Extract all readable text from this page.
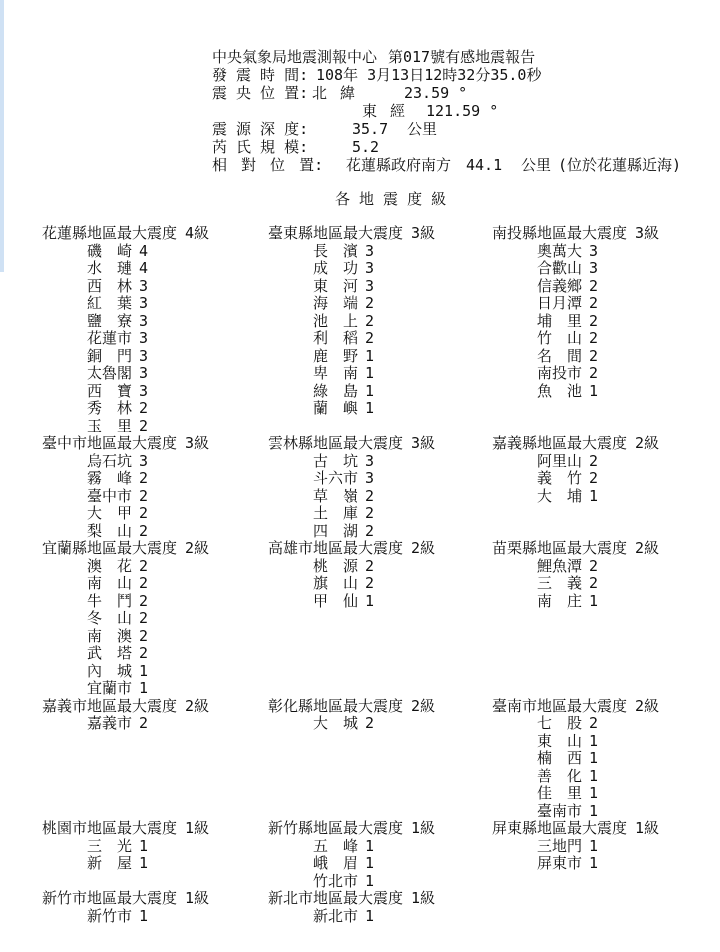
中央氣象局地震測報中心 第017號有感地震報告
發 震 時 間: 108年 3月13日12時32分35.0秒
震 央 位 置: 北 緯	23.59 °
東 經 121.59 °
震 源 深 度:	35.7 公里
芮 氏 規 模:	5.2
相 對 位 置: 花蓮縣政府南方 44.1 公里 (位於花蓮縣近海)
各 地 震 度 級
花蓮縣地區最大震度 4級
磯 崎 4
水 璉 4
西 林 3
紅 葉 3
鹽 寮 3
花蓮市 3
銅 門 3
太魯閣 3
西 寶 3
秀 林 2
玉 里 2
臺東縣地區最大震度 3級
長 濱 3
成 功 3
東 河 3
海 端 2
池 上 2
利 稻 2
鹿 野 1
卑 南 1
綠 島 1
蘭 嶼 1
南投縣地區最大震度 3級
奧萬大 3
合歡山 3
信義鄉 2
日月潭 2
埔 里 2
竹 山 2
名 間 2
南投市 2
魚 池 1
臺中市地區最大震度 3級
烏石坑 3
霧 峰 2
臺中市 2
大 甲 2
梨 山 2
雲林縣地區最大震度 3級
古 坑 3
斗六市 3
草 嶺 2
土 庫 2
四 湖 2
嘉義縣地區最大震度 2級
阿里山 2
義 竹 2
大 埔 1
宜蘭縣地區最大震度 2級
澳 花 2
南 山 2
牛 鬥 2
冬 山 2
南 澳 2
武 塔 2
內 城 1
宜蘭市 1
高雄市地區最大震度 2級
桃 源 2
旗 山 2
甲 仙 1
苗栗縣地區最大震度 2級
鯉魚潭 2
三 義 2
南 庄 1
嘉義市地區最大震度 2級
嘉義市 2
彰化縣地區最大震度 2級
大 城 2
臺南市地區最大震度 2級
七 股 2
東 山 1
楠 西 1
善 化 1
佳 里 1
臺南市 1
桃園市地區最大震度 1級
三 光 1
新 屋 1
新竹縣地區最大震度 1級
五 峰 1
峨 眉 1
竹北市 1
屏東縣地區最大震度 1級
三地門 1
屏東市 1
新竹市地區最大震度 1級
新竹市 1
新北市地區最大震度 1級
新北市 1
